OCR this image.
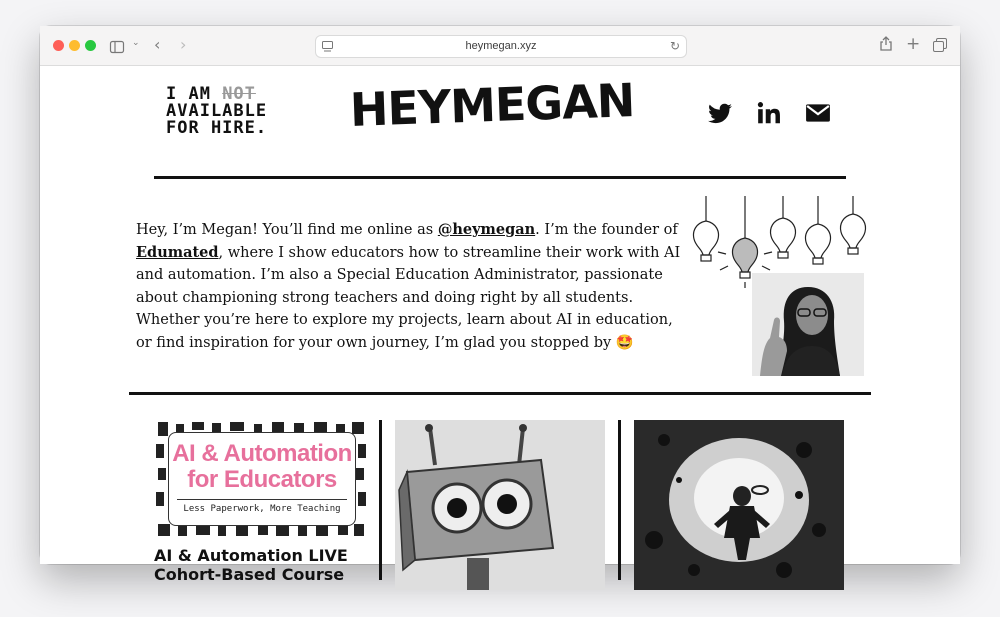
⌄ ‹ ›	heymegan.xyz	↻	+
I AM NOT
AVAILABLE
FOR HIRE.	HEYMEGAN

Hey, I’m Megan! You’ll find me online as @heymegan. I’m the founder of Edumated, where I show educators how to streamline their work with AI and automation. I’m also a Special Education Administrator, passionate about championing strong teachers and doing right by all students. Whether you’re here to explore my projects, learn about AI in education, or find inspiration for your own journey, I’m glad you stopped by 🤩

AI & Automation
for Educators
Less Paperwork, More Teaching
AI & Automation LIVE Cohort-Based Course
